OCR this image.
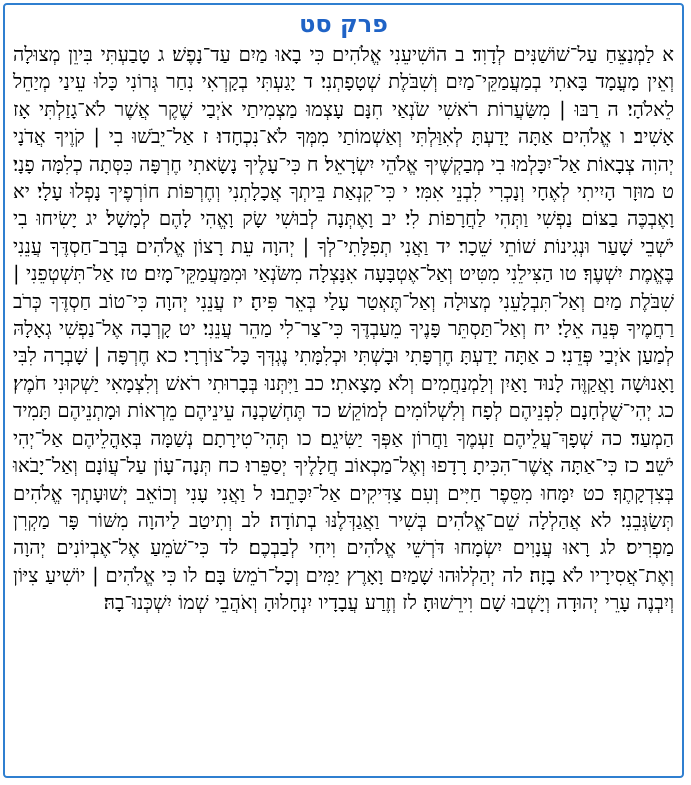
פרק סט
א לַמְנַצֵּחַ עַל־שׁוֹשַׁנִּים לְדָוִד׃ ב הוֹשִׁיעֵנִי אֱלֹהִים כִּי בָאוּ מַיִם עַד־נָפֶשׁ׃ ג טָבַעְתִּי בִּיוֵן מְצוּלָה וְאֵין מָעֳמָד בָּאתִי בְמַעֲמַקֵּי־מַיִם וְשִׁבֹּלֶת שְׁטָפָתְנִי׃ ד יָגַעְתִּי בְקָרְאִי נִחַר גְּרוֹנִי כָּלוּ עֵינַי מְיַחֵל לֵאלֹהָי׃ ה רַבּוּ | מִשַּׂעֲרוֹת רֹאשִׁי שֹׂנְאַי חִנָּם עָצְמוּ מַצְמִיתַי אֹיְבַי שֶׁקֶר אֲשֶׁר לֹא־גָזַלְתִּי אָז אָשִׁיב׃ ו אֱלֹהִים אַתָּה יָדַעְתָּ לְאִוַּלְתִּי וְאַשְׁמוֹתַי מִמְּךָ לֹא־נִכְחָדוּ׃ ז אַל־יֵבֹשׁוּ בִי | קֹוֶיךָ אֲדֹנָי יְהוִה צְבָאוֹת אַל־יִכָּלְמוּ בִי מְבַקְשֶׁיךָ אֱלֹהֵי יִשְׂרָאֵל׃ ח כִּי־עָלֶיךָ נָשָׂאתִי חֶרְפָּה כִּסְּתָה כְלִמָּה פָנָי׃ ט מוּזָר הָיִיתִי לְאֶחָי וְנָכְרִי לִבְנֵי אִמִּי׃ י כִּי־קִנְאַת בֵּיתְךָ אֲכָלָתְנִי וְחֶרְפּוֹת חוֹרְפֶיךָ נָפְלוּ עָלָי׃ יא וָאֶבְכֶּה בַצּוֹם נַפְשִׁי וַתְּהִי לַחֲרָפוֹת לִי׃ יב וָאֶתְּנָה לְבוּשִׁי שָׂק וָאֱהִי לָהֶם לְמָשָׁל׃ יג יָשִׂיחוּ בִי יֹשְׁבֵי שָׁעַר וּנְגִינוֹת שׁוֹתֵי שֵׁכָר׃ יד וַאֲנִי תְפִלָּתִי־לְךָ | יְהוָה עֵת רָצוֹן אֱלֹהִים בְּרָב־חַסְדֶּךָ עֲנֵנִי בֶּאֱמֶת יִשְׁעֶךָ׃ טו הַצִּילֵנִי מִטִּיט וְאַל־אֶטְבָּעָה אִנָּצְלָה מִשֹּׂנְאַי וּמִמַּעֲמַקֵּי־מָיִם׃ טז אַל־תִּשְׁטְפֵנִי | שִׁבֹּלֶת מַיִם וְאַל־תִּבְלָעֵנִי מְצוּלָה וְאַל־תֶּאְטַר עָלַי בְּאֵר פִּיהָ׃ יז עֲנֵנִי יְהוָה כִּי־טוֹב חַסְדֶּךָ כְּרֹב רַחֲמֶיךָ פְּנֵה אֵלָי׃ יח וְאַל־תַּסְתֵּר פָּנֶיךָ מֵעַבְדֶּךָ כִּי־צַר־לִי מַהֵר עֲנֵנִי׃ יט קָרְבָה אֶל־נַפְשִׁי גְאָלָהּ לְמַעַן אֹיְבַי פְּדֵנִי׃ כ אַתָּה יָדַעְתָּ חֶרְפָּתִי וּבָשְׁתִּי וּכְלִמָּתִי נֶגְדְּךָ כָּל־צוֹרְרָי׃ כא חֶרְפָּה | שָׁבְרָה לִבִּי וָאָנוּשָׁה וָאֲקַוֶּה לָנוּד וָאַיִן וְלַמְנַחֲמִים וְלֹא מָצָאתִי׃ כב וַיִּתְּנוּ בְּבָרוּתִי רֹאשׁ וְלִצְמָאִי יַשְׁקוּנִי חֹמֶץ׃ כג יְהִי־שֻׁלְחָנָם לִפְנֵיהֶם לְפָח וְלִשְׁלוֹמִים לְמוֹקֵשׁ׃ כד תֶּחְשַׁכְנָה עֵינֵיהֶם מֵרְאוֹת וּמָתְנֵיהֶם תָּמִיד הַמְעַד׃ כה שְׁפָךְ־עֲלֵיהֶם זַעְמֶךָ וַחֲרוֹן אַפְּךָ יַשִּׂיגֵם׃ כו תְּהִי־טִירָתָם נְשַׁמָּה בְּאָהֳלֵיהֶם אַל־יְהִי יֹשֵׁב׃ כז כִּי־אַתָּה אֲשֶׁר־הִכִּיתָ רָדָפוּ וְאֶל־מַכְאוֹב חֲלָלֶיךָ יְסַפֵּרוּ׃ כח תְּנָה־עָוֹן עַל־עֲוֹנָם וְאַל־יָבֹאוּ בְּצִדְקָתֶךָ׃ כט יִמָּחוּ מִסֵּפֶר חַיִּים וְעִם צַדִּיקִים אַל־יִכָּתֵבוּ׃ ל וַאֲנִי עָנִי וְכוֹאֵב יְשׁוּעָתְךָ אֱלֹהִים תְּשַׂגְּבֵנִי׃ לא אֲהַלְלָה שֵׁם־אֱלֹהִים בְּשִׁיר וַאֲגַדְּלֶנּוּ בְתוֹדָה׃ לב וְתִיטַב לַיהוָה מִשּׁוֹר פָּר מַקְרִן מַפְרִיס׃ לג רָאוּ עֲנָוִים יִשְׂמָחוּ דֹּרְשֵׁי אֱלֹהִים וִיחִי לְבַבְכֶם׃ לד כִּי־שֹׁמֵעַ אֶל־אֶבְיוֹנִים יְהוָה וְאֶת־אֲסִירָיו לֹא בָזָה׃ לה יְהַלְלוּהוּ שָׁמַיִם וָאָרֶץ יַמִּים וְכָל־רֹמֵשׂ בָּם׃ לו כִּי אֱלֹהִים | יוֹשִׁיעַ צִיּוֹן וְיִבְנֶה עָרֵי יְהוּדָה וְיָשְׁבוּ שָׁם וִירֵשׁוּהָ׃ לז וְזֶרַע עֲבָדָיו יִנְחָלוּהָ וְאֹהֲבֵי שְׁמוֹ יִשְׁכְּנוּ־בָהּ׃
